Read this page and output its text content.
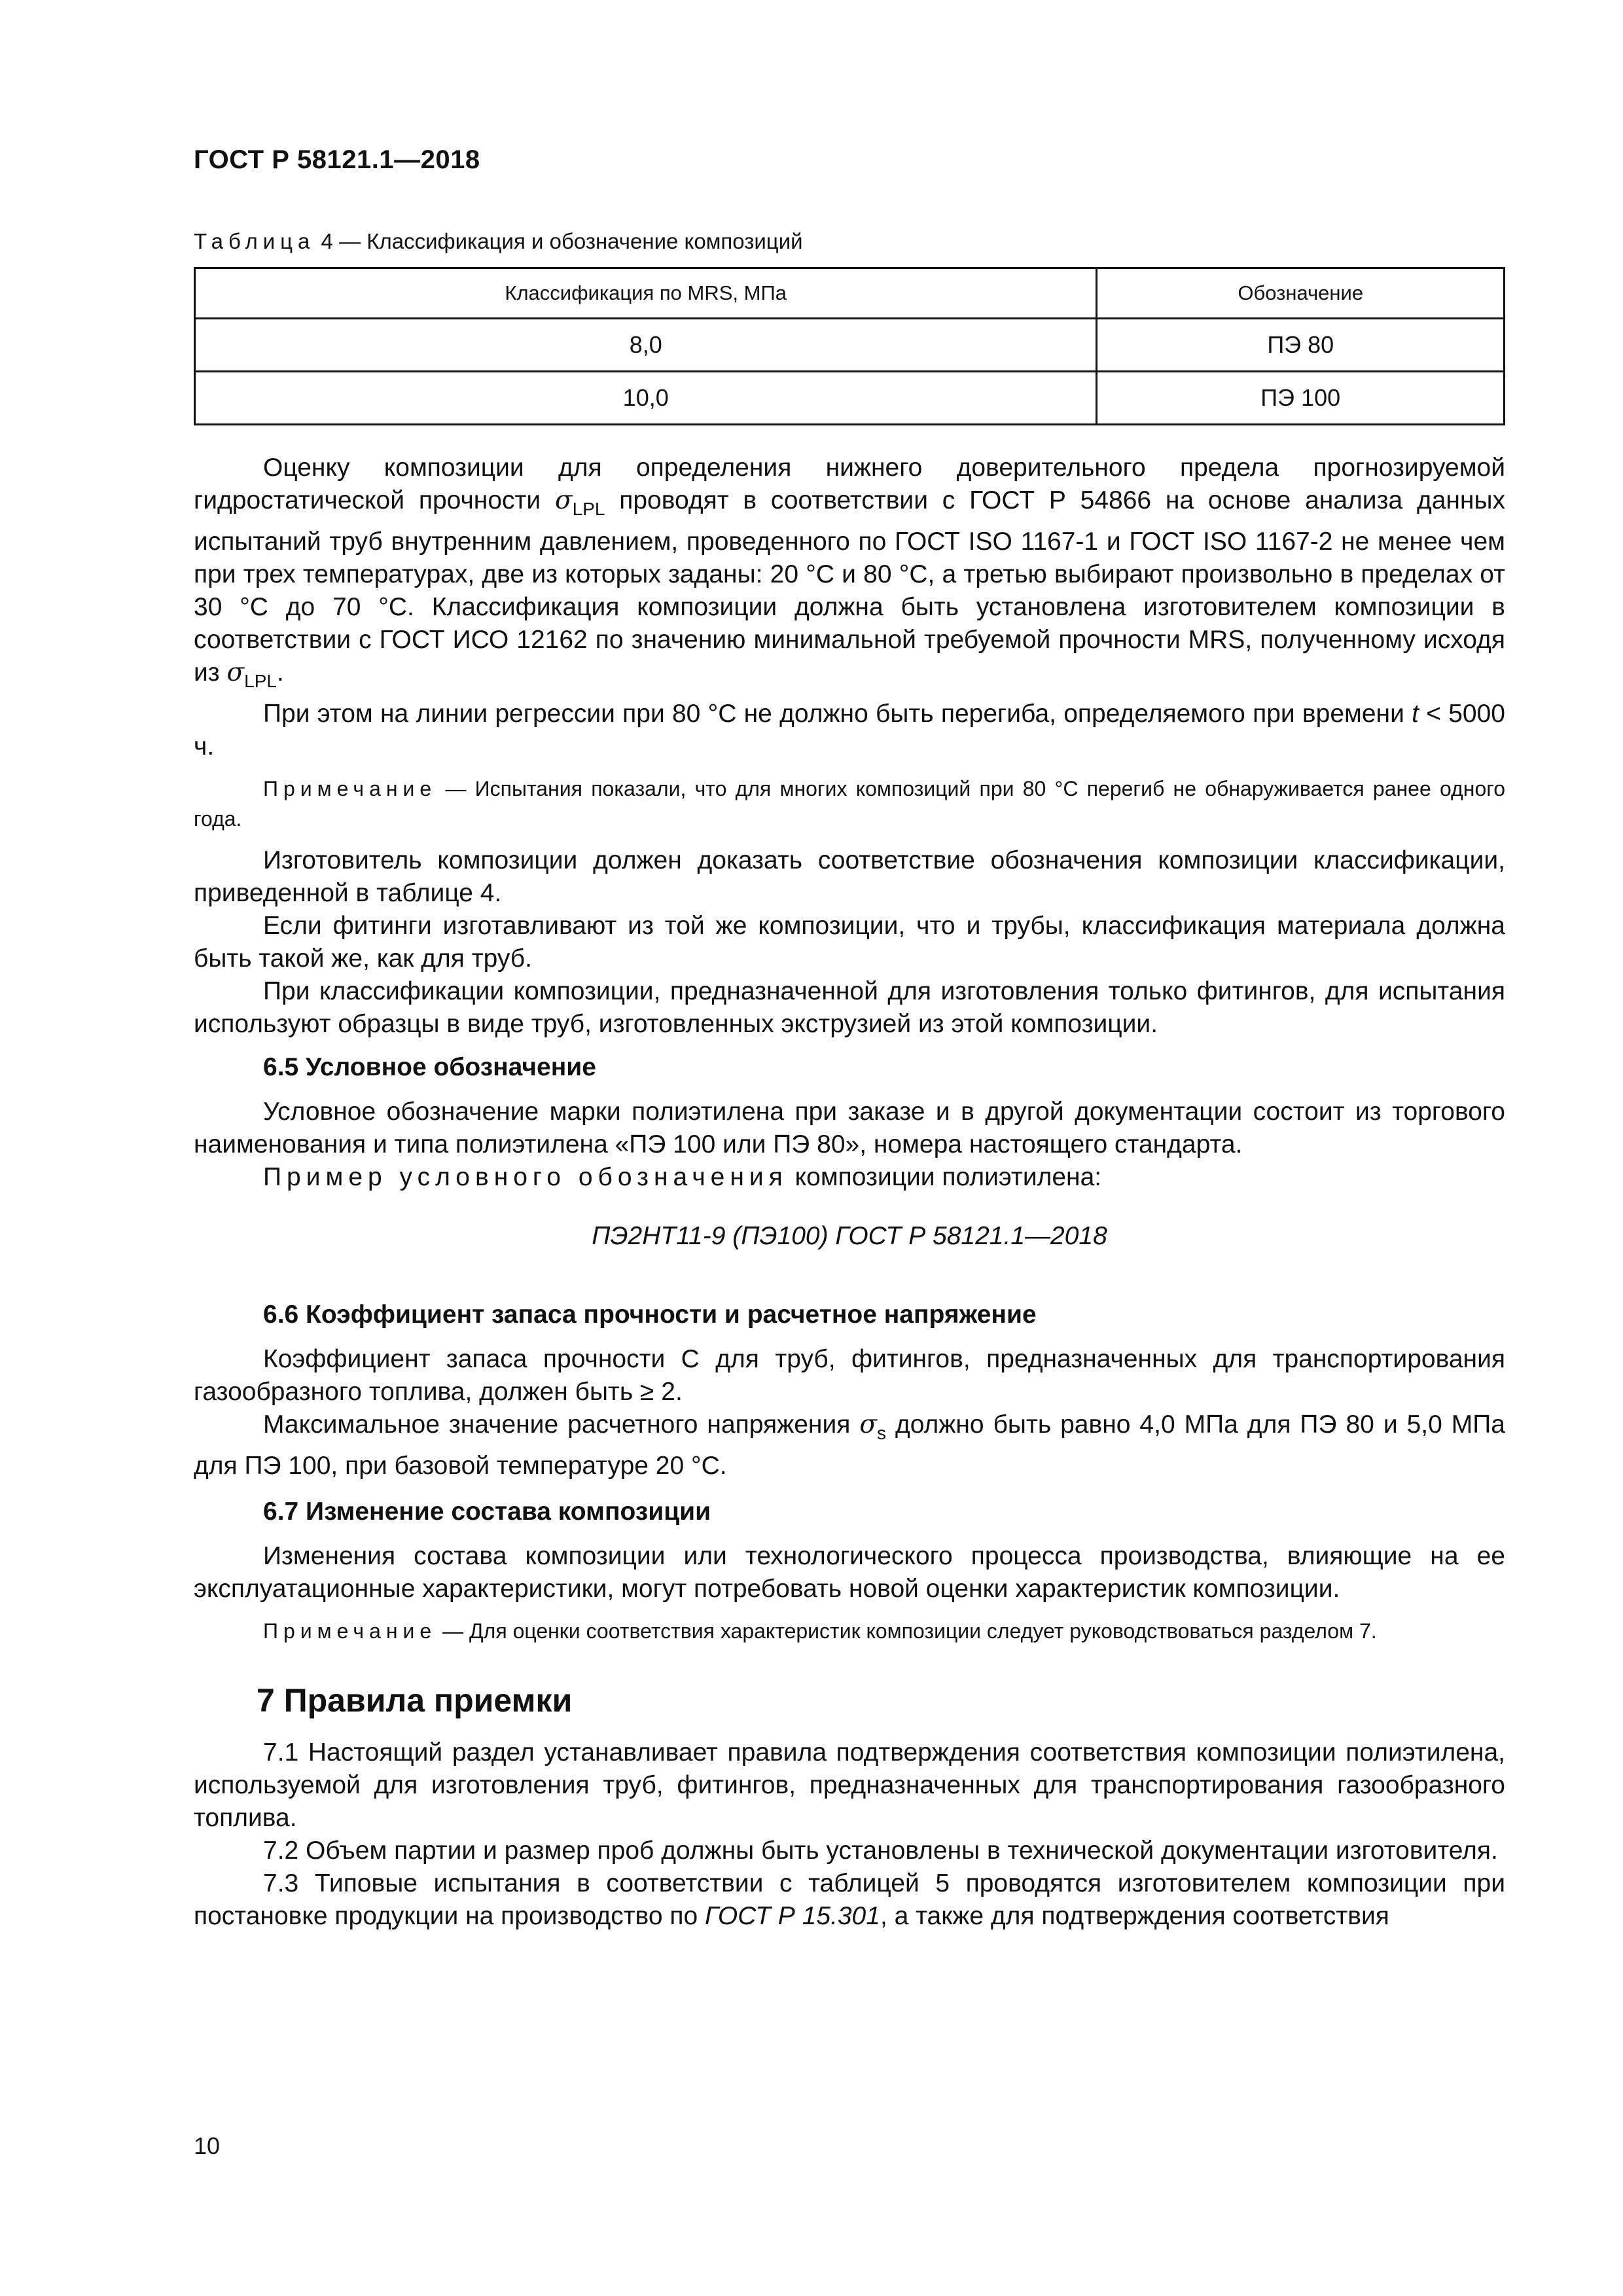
ГОСТ Р 58121.1—2018
Таблица 4 — Классификация и обозначение композиций
Классификация по MRS, МПа	Обозначение
8,0	ПЭ 80
10,0	ПЭ 100

Оценку композиции для определения нижнего доверительного предела прогнозируемой гидростатической прочности $\sigma_{LPL}$ проводят в соответствии с ГОСТ Р 54866 на основе анализа данных испытаний труб внутренним давлением, проведенного по ГОСТ ISO 1167-1 и ГОСТ ISO 1167-2 не менее чем при трех температурах, две из которых заданы: 20 °С и 80 °С, а третью выбирают произвольно в пределах от 30 °С до 70 °С. Классификация композиции должна быть установлена изготовителем композиции в соответствии с ГОСТ ИСО 12162 по значению минимальной требуемой прочности MRS, полученному исходя из $\sigma_{LPL}$.

При этом на линии регрессии при 80 °С не должно быть перегиба, определяемого при времени t < 5000 ч.

Примечание — Испытания показали, что для многих композиций при 80 °С перегиб не обнаруживается ранее одного года.

Изготовитель композиции должен доказать соответствие обозначения композиции классификации, приведенной в таблице 4.

Если фитинги изготавливают из той же композиции, что и трубы, классификация материала должна быть такой же, как для труб.

При классификации композиции, предназначенной для изготовления только фитингов, для испытания используют образцы в виде труб, изготовленных экструзией из этой композиции.

6.5 Условное обозначение

Условное обозначение марки полиэтилена при заказе и в другой документации состоит из торгового наименования и типа полиэтилена «ПЭ 100 или ПЭ 80», номера настоящего стандарта.

Пример условного обозначения композиции полиэтилена:

ПЭ2НТ11-9 (ПЭ100) ГОСТ Р 58121.1—2018

6.6 Коэффициент запаса прочности и расчетное напряжение

Коэффициент запаса прочности С для труб, фитингов, предназначенных для транспортирования газообразного топлива, должен быть ≥ 2.

Максимальное значение расчетного напряжения $\sigma_s$ должно быть равно 4,0 МПа для ПЭ 80 и 5,0 МПа для ПЭ 100, при базовой температуре 20 °С.

6.7 Изменение состава композиции

Изменения состава композиции или технологического процесса производства, влияющие на ее эксплуатационные характеристики, могут потребовать новой оценки характеристик композиции.

Примечание — Для оценки соответствия характеристик композиции следует руководствоваться разделом 7.

7 Правила приемки

7.1 Настоящий раздел устанавливает правила подтверждения соответствия композиции полиэтилена, используемой для изготовления труб, фитингов, предназначенных для транспортирования газообразного топлива.

7.2 Объем партии и размер проб должны быть установлены в технической документации изготовителя.

7.3 Типовые испытания в соответствии с таблицей 5 проводятся изготовителем композиции при постановке продукции на производство по ГОСТ Р 15.301, а также для подтверждения соответствия

10
